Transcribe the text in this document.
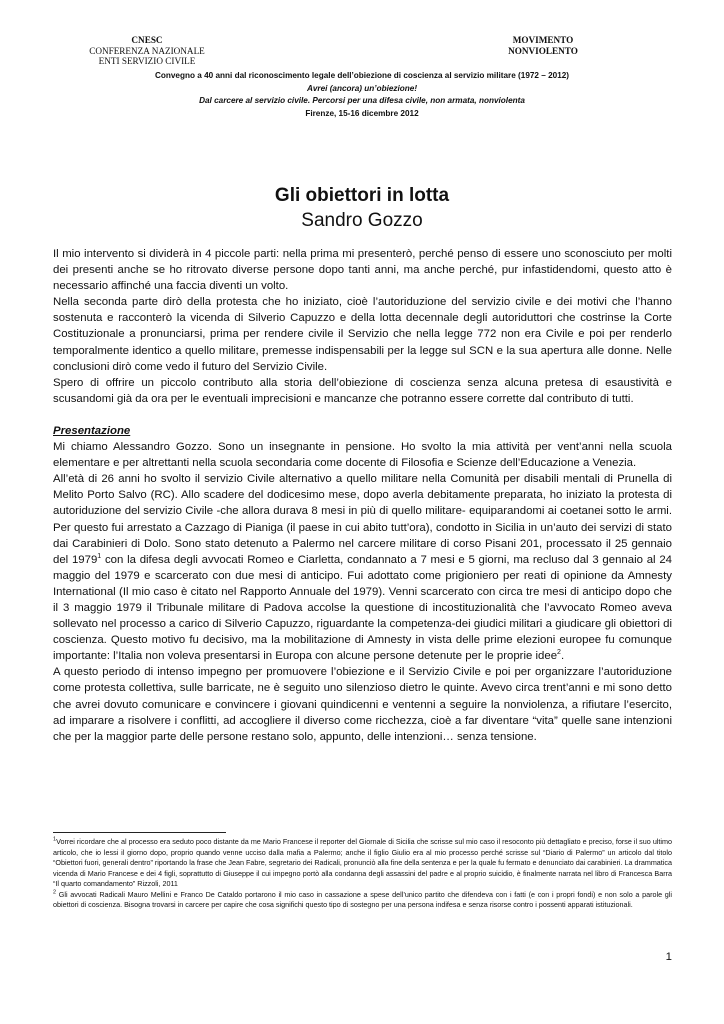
CNESC
CONFERENZA NAZIONALE
ENTI SERVIZIO CIVILE
MOVIMENTO
NONVIOLENTO
Convegno a 40 anni dal riconoscimento legale dell’obiezione di coscienza al servizio militare (1972 – 2012)
Avrei (ancora) un’obiezione!
Dal carcere al servizio civile. Percorsi per una difesa civile, non armata, nonviolenta
Firenze, 15-16 dicembre 2012
Gli obiettori in lotta
Sandro Gozzo

Il mio intervento si dividerà in 4 piccole parti: nella prima mi presenterò, perché penso di essere uno sconosciuto per molti dei presenti anche se ho ritrovato diverse persone dopo tanti anni, ma anche perché, pur infastidendomi, questo atto è necessario affinché una faccia diventi un volto.

Nella seconda parte dirò della protesta che ho iniziato, cioè l’autoriduzione del servizio civile e dei motivi che l’hanno sostenuta e racconterò la vicenda di Silverio Capuzzo e della lotta decennale degli autoriduttori che costrinse la Corte Costituzionale a pronunciarsi, prima per rendere civile il Servizio che nella legge 772 non era Civile e poi per renderlo temporalmente identico a quello militare, premesse indispensabili per la legge sul SCN e la sua apertura alle donne. Nelle conclusioni dirò come vedo il futuro del Servizio Civile.

Spero di offrire un piccolo contributo alla storia dell’obiezione di coscienza senza alcuna pretesa di esaustività e scusandomi già da ora per le eventuali imprecisioni e mancanze che potranno essere corrette dal contributo di tutti.

Presentazione

Mi chiamo Alessandro Gozzo. Sono un insegnante in pensione. Ho svolto la mia attività per vent’anni nella scuola elementare e per altrettanti nella scuola secondaria come docente di Filosofia e Scienze dell’Educazione a Venezia.

All’età di 26 anni ho svolto il servizio Civile alternativo a quello militare nella Comunità per disabili mentali di Prunella di Melito Porto Salvo (RC). Allo scadere del dodicesimo mese, dopo averla debitamente preparata, ho iniziato la protesta di autoriduzione del servizio Civile -che allora durava 8 mesi in più di quello militare- equiparandomi ai coetanei sotto le armi. Per questo fui arrestato a Cazzago di Pianiga (il paese in cui abito tutt’ora), condotto in Sicilia in un’auto dei servizi di stato dai Carabinieri di Dolo. Sono stato detenuto a Palermo nel carcere militare di corso Pisani 201, processato il 25 gennaio del 1979$^1$ con la difesa degli avvocati Romeo e Ciarletta, condannato a 7 mesi e 5 giorni, ma recluso dal 3 gennaio al 24 maggio del 1979 e scarcerato con due mesi di anticipo. Fui adottato come prigioniero per reati di opinione da Amnesty International (Il mio caso è citato nel Rapporto Annuale del 1979). Venni scarcerato con circa tre mesi di anticipo dopo che il 3 maggio 1979 il Tribunale militare di Padova accolse la questione di incostituzionalità che l’avvocato Romeo aveva sollevato nel processo a carico di Silverio Capuzzo, riguardante la competenza-dei giudici militari a giudicare gli obiettori di coscienza. Questo motivo fu decisivo, ma la mobilitazione di Amnesty in vista delle prime elezioni europee fu comunque importante: l’Italia non voleva presentarsi in Europa con alcune persone detenute per le proprie idee$^2$.

A questo periodo di intenso impegno per promuovere l’obiezione e il Servizio Civile e poi per organizzare l’autoriduzione come protesta collettiva, sulle barricate, ne è seguito uno silenzioso dietro le quinte. Avevo circa trent’anni e mi sono detto che avrei dovuto comunicare e convincere i giovani quindicenni e ventenni a seguire la nonviolenza, a rifiutare l’esercito, ad imparare a risolvere i conflitti, ad accogliere il diverso come ricchezza, cioè a far diventare “vita” quelle sane intenzioni che per la maggior parte delle persone restano solo, appunto, delle intenzioni… senza tensione.

$^1$Vorrei ricordare che al processo era seduto poco distante da me Mario Francese il reporter del Giornale di Sicilia che scrisse sul mio caso il resoconto più dettagliato e preciso, forse il suo ultimo articolo, che io lessi il giorno dopo, proprio quando venne ucciso dalla mafia a Palermo; anche il figlio Giulio era al mio processo perché scrisse sul “Diario di Palermo” un articolo dal titolo “Obiettori fuori, generali dentro” riportando la frase che Jean Fabre, segretario dei Radicali, pronunciò alla fine della sentenza e per la quale fu fermato e denunciato dai carabinieri. La drammatica vicenda di Mario Francese e dei 4 figli, soprattutto di Giuseppe il cui impegno portò alla condanna degli assassini del padre e al proprio suicidio, è finalmente narrata nel libro di Francesca Barra “Il quarto comandamento” Rizzoli, 2011

$^2$ Gli avvocati Radicali Mauro Mellini e Franco De Cataldo portarono il mio caso in cassazione a spese dell’unico partito che difendeva con i fatti (e con i propri fondi) e non solo a parole gli obiettori di coscienza. Bisogna trovarsi in carcere per capire che cosa significhi questo tipo di sostegno per una persona indifesa e senza risorse contro i possenti apparati istituzionali.

1
